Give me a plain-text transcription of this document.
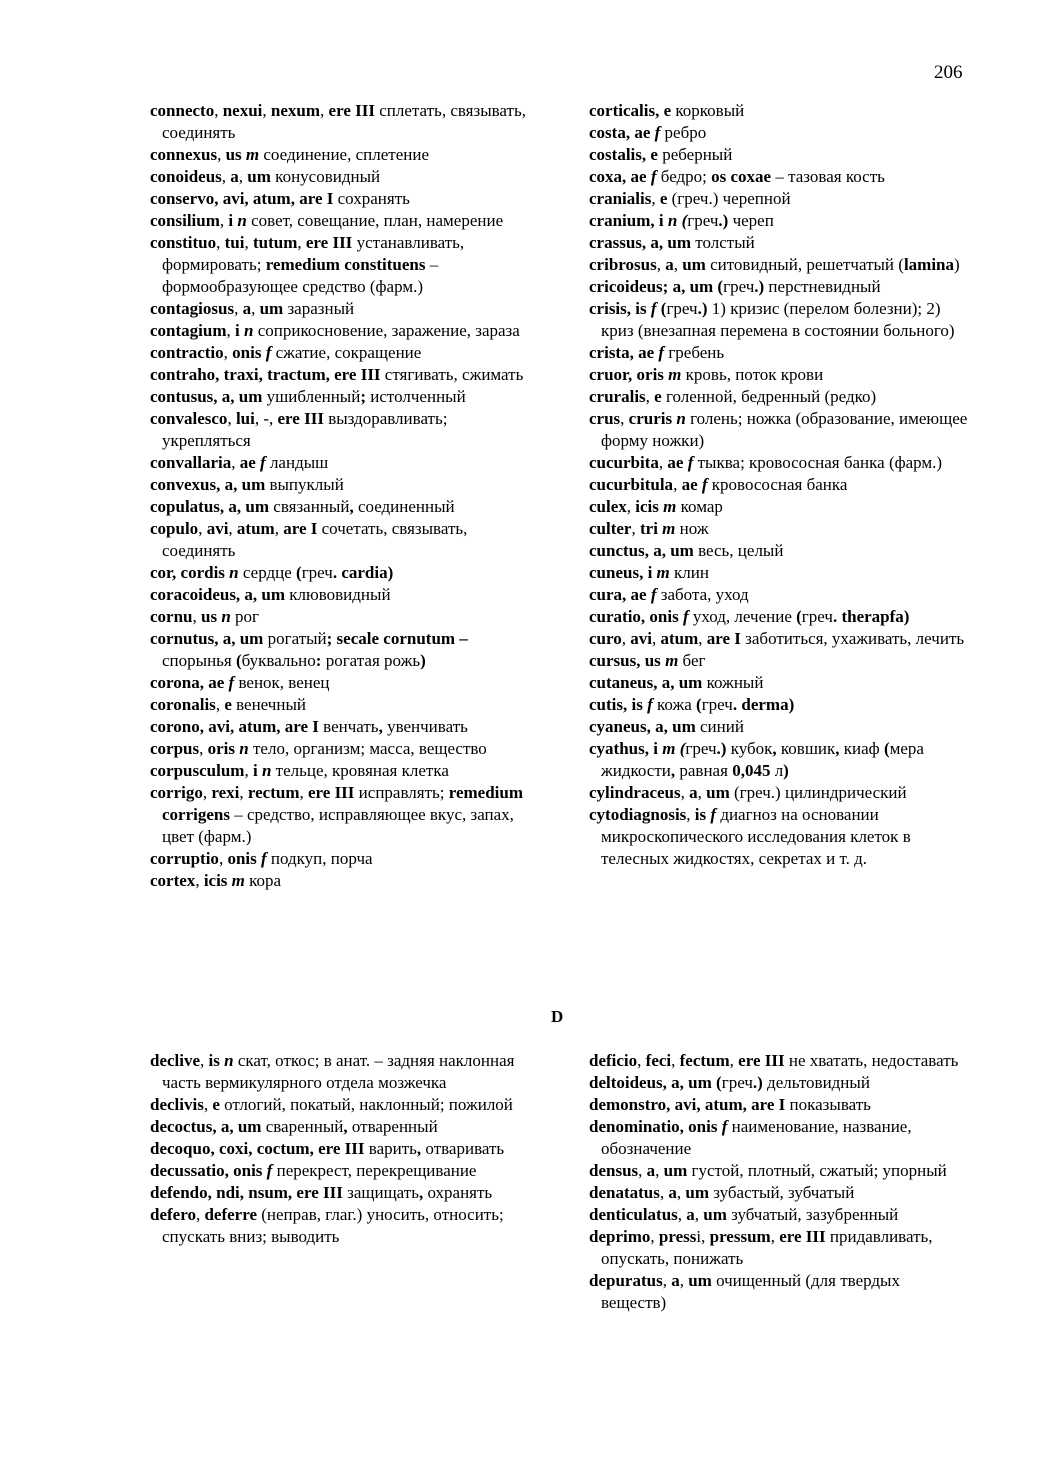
206

connecto, nexui, nexum, ere III сплетать, связывать, соединять

connexus, us m соединение, сплетение

conoideus, a, um конусовидный

conservo, avi, atum, are I сохранять

consilium, i n совет, совещание, план, намерение

constituo, tui, tutum, ere III устанавливать, формировать; remedium constituens – формообразующее средство (фарм.)

contagiosus, a, um заразный

contagium, i n соприкосновение, заражение, зараза

contractio, onis f сжатие, сокращение

contraho, traxi, tractum, ere III стягивать, сжимать

contusus, a, um ушибленный; истолченный

convalesco, lui, -, ere III выздоравливать; укрепляться

convallaria, ae f ландыш

convexus, a, um выпуклый

copulatus, a, um связанный, соединенный

copulo, avi, atum, are I сочетать, связывать, соединять

cor, cordis n сердце (греч. cardia)

coracoideus, a, um клювовидный

cornu, us n рог

cornutus, a, um рогатый; secale cornutum – спорынья (буквально: рогатая рожь)

corona, ae f венок, венец

coronalis, e венечный

corono, avi, atum, are I венчать, увенчивать

corpus, oris n тело, организм; масса, вещество

corpusculum, i n тельце, кровяная клетка

corrigo, rexi, rectum, ere III исправлять; remedium corrigens – средство, исправляющее вкус, запах, цвет (фарм.)

corruptio, onis f подкуп, порча

cortex, icis m кора

corticalis, e корковый

costa, ae f ребро

costalis, e реберный

coxa, ae f бедро; os coxae – тазовая кость

cranialis, e (греч.) черепной

cranium, i n (греч.) череп

crassus, a, um толстый

cribrosus, a, um ситовидный, решетчатый (lamina)

cricoideus; a, um (греч.) перстневидный

crisis, is f (греч.) 1) кризис (перелом болезни); 2) криз (внезапная перемена в состоянии больного)

crista, ae f гребень

cruor, oris m кровь, поток крови

cruralis, e голенной, бедренный (редко)

crus, cruris n голень; ножка (образование, имеющее форму ножки)

cucurbita, ae f тыква; кровососная банка (фарм.)

cucurbitula, ae f кровососная банка

culex, icis m комар

culter, tri m нож

cunctus, a, um весь, целый

cuneus, i m клин

cura, ae f забота, уход

curatio, onis f уход, лечение (греч. therapfa)

curo, avi, atum, are I заботиться, ухаживать, лечить

cursus, us m бег

cutaneus, a, um кожный

cutis, is f кожа (греч. derma)

cyaneus, a, um синий

cyathus, i m (греч.) кубок, ковшик, киаф (мера жидкости, равная 0,045 л)

cylindraceus, a, um (греч.) цилиндрический

cytodiagnosis, is f диагноз на основании микроскопического исследования клеток в телесных жидкостях, секретах и т. д.

D

declive, is n скат, откос; в анат. – задняя наклонная часть вермикулярного отдела мозжечка

declivis, e отлогий, покатый, наклонный; пожилой

decoctus, a, um сваренный, отваренный

decoquo, coxi, coctum, ere III варить, отваривать

decussatio, onis f перекрест, перекрещивание

defendo, ndi, nsum, ere III защищать, охранять

defero, deferre (неправ, глаг.) уносить, относить; спускать вниз; выводить

deficio, feci, fectum, ere III не хватать, недоставать

deltoideus, a, um (греч.) дельтовидный

demonstro, avi, atum, are I показывать

denominatio, onis f наименование, название, обозначение

densus, a, um густой, плотный, сжатый; упорный

denatatus, a, um зубастый, зубчатый

denticulatus, a, um зубчатый, зазубренный

deprimo, pressi, pressum, ere III придавливать, опускать, понижать

depuratus, a, um очищенный (для твердых веществ)
